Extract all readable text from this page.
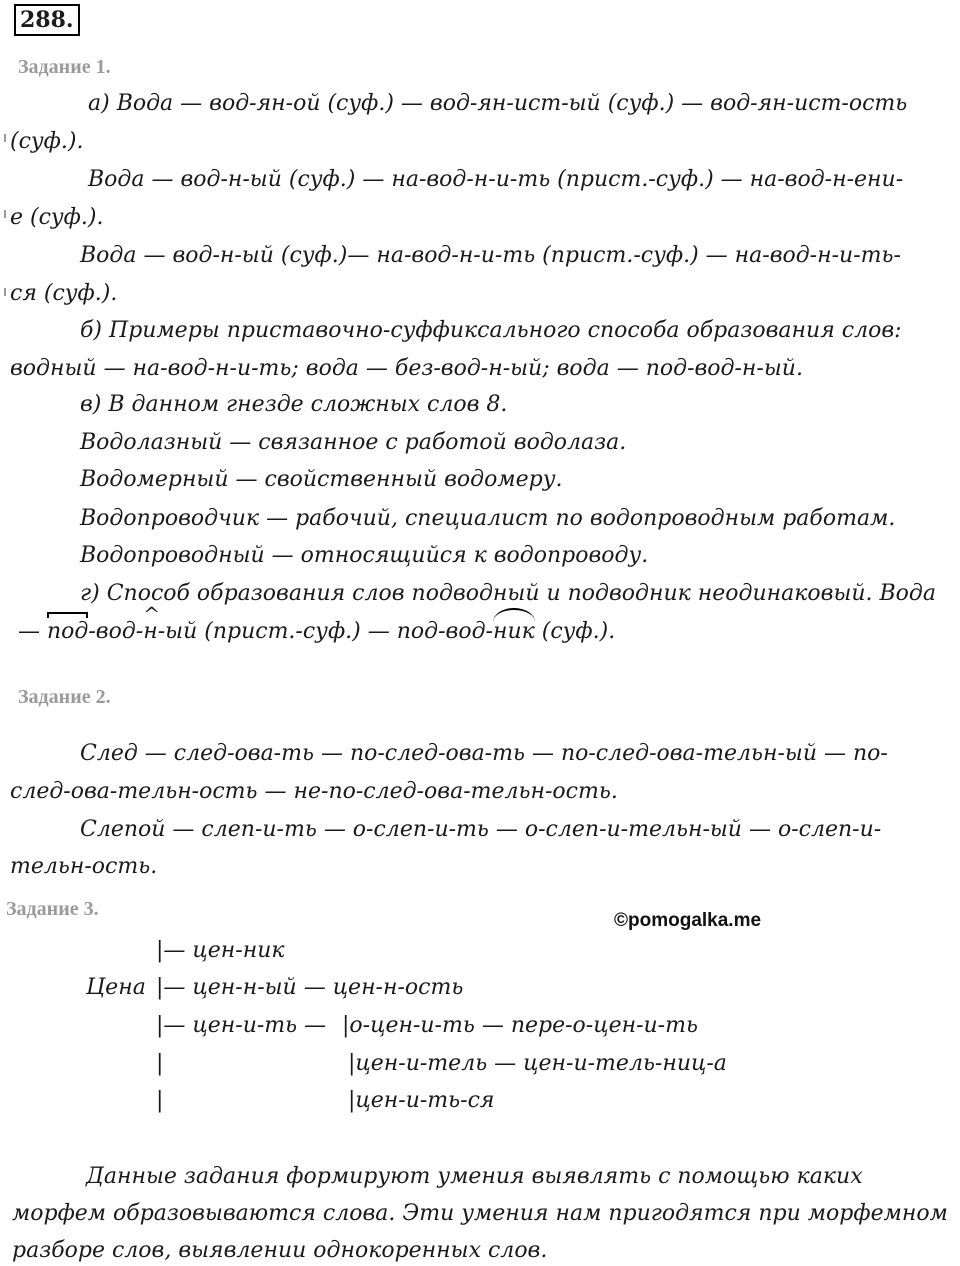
288.
Задание 1.
а) Вода — вод-ян-ой (суф.) — вод-ян-ист-ый (суф.) — вод-ян-ист-ость
(суф.).
Вода — вод-н-ый (суф.) — на-вод-н-и-ть (прист.-суф.) — на-вод-н-ени-
е (суф.).
Вода — вод-н-ый (суф.)— на-вод-н-и-ть (прист.-суф.) — на-вод-н-и-ть-
ся (суф.).
б) Примеры приставочно-суффиксального способа образования слов:
водный — на-вод-н-и-ть; вода — без-вод-н-ый; вода — под-вод-н-ый.
в) В данном гнезде сложных слов 8.
Водолазный — связанное с работой водолаза.
Водомерный — свойственный водомеру.
Водопроводчик — рабочий, специалист по водопроводным работам.
Водопроводный — относящийся к водопроводу.
г) Способ образования слов подводный и подводник неодинаковый. Вода
— под-вод-^ н-ый (прист.-суф.) — под-вод-ник (суф.).
Задание 2.
След — след-ова-ть — по-след-ова-ть — по-след-ова-тельн-ый — по-
след-ова-тельн-ость — не-по-след-ова-тельн-ость.
Слепой — слеп-и-ть — о-слеп-и-ть — о-слеп-и-тельн-ый — о-слеп-и-
тельн-ость.
Задание 3.
©pomogalka.me
|— цен-ник
Цена |— цен-н-ый — цен-н-ость
|— цен-и-ть — |о-цен-и-ть — пере-о-цен-и-ть
|	|цен-и-тель — цен-и-тель-ниц-а
|	|цен-и-ть-ся
Данные задания формируют умения выявлять с помощью каких
морфем образовываются слова. Эти умения нам пригодятся при морфемном
разборе слов, выявлении однокоренных слов.
